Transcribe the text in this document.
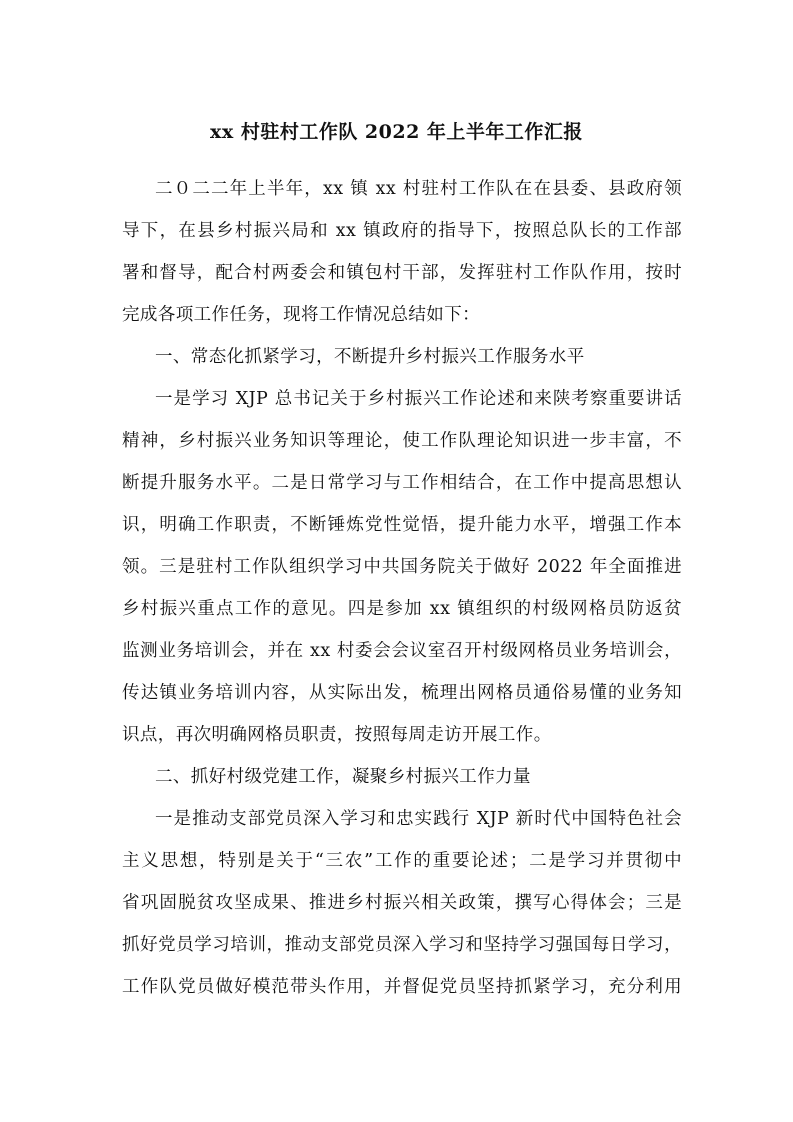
xx 村驻村工作队 2022 年上半年工作汇报
二０二二年上半年，xx 镇 xx 村驻村工作队在在县委、县政府领
导下，在县乡村振兴局和 xx 镇政府的指导下，按照总队长的工作部
署和督导，配合村两委会和镇包村干部，发挥驻村工作队作用，按时
完成各项工作任务，现将工作情况总结如下：
一、常态化抓紧学习，不断提升乡村振兴工作服务水平
一是学习 XJP 总书记关于乡村振兴工作论述和来陕考察重要讲话
精神，乡村振兴业务知识等理论，使工作队理论知识进一步丰富，不
断提升服务水平。二是日常学习与工作相结合，在工作中提高思想认
识，明确工作职责，不断锤炼党性觉悟，提升能力水平，增强工作本
领。三是驻村工作队组织学习中共国务院关于做好 2022 年全面推进
乡村振兴重点工作的意见。四是参加 xx 镇组织的村级网格员防返贫
监测业务培训会，并在 xx 村委会会议室召开村级网格员业务培训会，
传达镇业务培训内容，从实际出发，梳理出网格员通俗易懂的业务知
识点，再次明确网格员职责，按照每周走访开展工作。
二、抓好村级党建工作，凝聚乡村振兴工作力量
一是推动支部党员深入学习和忠实践行 XJP 新时代中国特色社会
主义思想，特别是关于“三农”工作的重要论述；二是学习并贯彻中
省巩固脱贫攻坚成果、推进乡村振兴相关政策，撰写心得体会；三是
抓好党员学习培训，推动支部党员深入学习和坚持学习强国每日学习，
工作队党员做好模范带头作用，并督促党员坚持抓紧学习，充分利用
